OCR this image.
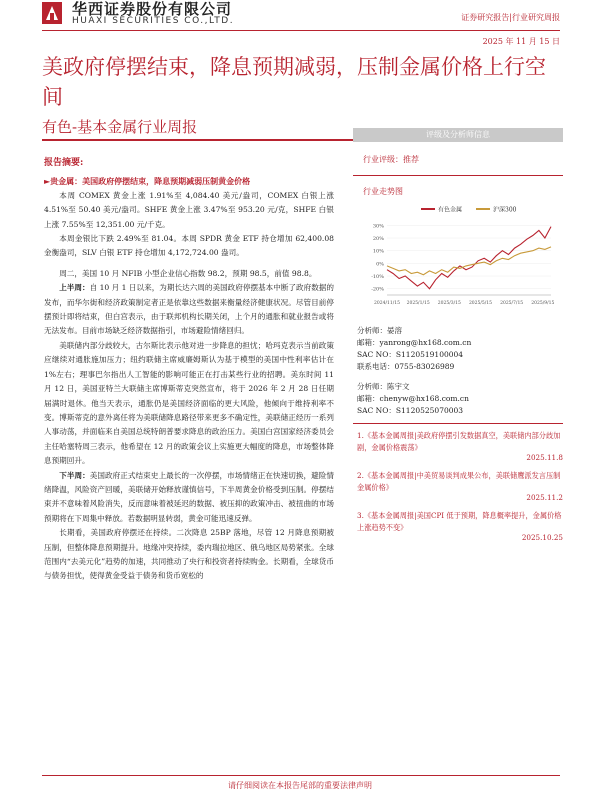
华西证券股份有限公司
HUAXI SECURITIES CO.,LTD.	证券研究报告|行业研究周报
2025 年 11 月 15 日
美政府停摆结束，降息预期减弱，压制金属价格上行空间
有色-基本金属行业周报

报告摘要:

►贵金属：美国政府停摆结束，降息预期减弱压制黄金价格

本周 COMEX 黄金上涨 1.91%至 4,084.40 美元/盎司，COMEX 白银上涨 4.51%至 50.40 美元/盎司。SHFE 黄金上涨 3.47%至 953.20 元/克，SHFE 白银上涨 7.55%至 12,351.00 元/千克。

本周金银比下跌 2.49%至 81.04。本周 SPDR 黄金 ETF 持仓增加 62,400.08 金衡盎司，SLV 白银 ETF 持仓增加 4,172,724.00 盎司。

周二，美国 10 月 NFIB 小型企业信心指数 98.2，预期 98.5，前值 98.8。

上半周：自 10 月 1 日以来，为期长达六周的美国政府停摆基本中断了政府数据的发布，而华尔街和经济政策制定者正是依靠这些数据来衡量经济健康状况。尽管目前停摆预计即将结束，但白宫表示，由于联邦机构长期关闭，上个月的通胀和就业报告或将无法发布。目前市场缺乏经济数据指引，市场避险情绪回归。

美联储内部分歧较大，古尔斯比表示他对进一步降息的担忧；哈玛克表示当前政策应继续对通胀施加压力；纽约联储主席威廉姆斯认为基于模型的美国中性利率估计在 1%左右；理事巴尔指出人工智能的影响可能正在打击某些行业的招聘。美东时间 11 月 12 日，美国亚特兰大联储主席博斯蒂克突然宣布，将于 2026 年 2 月 28 日任期届满时退休。他当天表示，通胀仍是美国经济面临的更大风险，他倾向于维持利率不变。博斯蒂克的意外离任将为美联储降息路径带来更多不确定性，美联储正经历一系列人事动荡，并面临来自美国总统特朗普要求降息的政治压力。美国白宫国家经济委员会主任哈塞特周三表示，他希望在 12 月的政策会议上实施更大幅度的降息，市场整体降息预期回升。

下半周：美国政府正式结束史上最长的一次停摆，市场情绪正在快速切换，避险情绪降温，风险资产回暖，美联储开始释放谨慎信号，下半周黄金价格受到压制。停摆结束并不意味着风险消失，反而意味着被延迟的数据、被压抑的政策冲击、被扭曲的市场预期将在下周集中释放。若数据明显转弱，黄金可能迅速反弹。

长期看，美国政府停摆还在持续。二次降息 25BP 落地，尽管 12 月降息预期被压制，但整体降息预期提升。地缘冲突持续，委内瑞拉地区、俄乌地区局势紧张。全球范围内“去美元化”趋势的加速，共同推动了央行和投资者持续购金。长期看，全球货币与债务担忧，使得黄金受益于债务和货币宽松的

评级及分析师信息
行业评级：推荐
行业走势图
有色金属	沪深300
30%
20%
10%
0%
-10%
-20%
2024/11/15 2025/1/15 2025/3/15 2025/5/15 2025/7/15 2025/9/15
分析师：晏溶
邮箱：yanrong@hx168.com.cn
SAC NO：S1120519100004
联系电话：0755-83026989
分析师：陈宇文
邮箱：chenyw@hx168.com.cn
SAC NO：S1120525070003
1.《基本金属周报|美政府停摆引发数据真空，美联储内部分歧加剧，金属价格震荡》
2025.11.8
2.《基本金属周报|中美贸易谈判成果公布，美联储鹰派发言压制金属价格》
2025.11.2
3.《基本金属周报|美国CPI 低于预期，降息概率提升，金属价格上涨趋势不变》
2025.10.25
请仔细阅读在本报告尾部的重要法律声明
